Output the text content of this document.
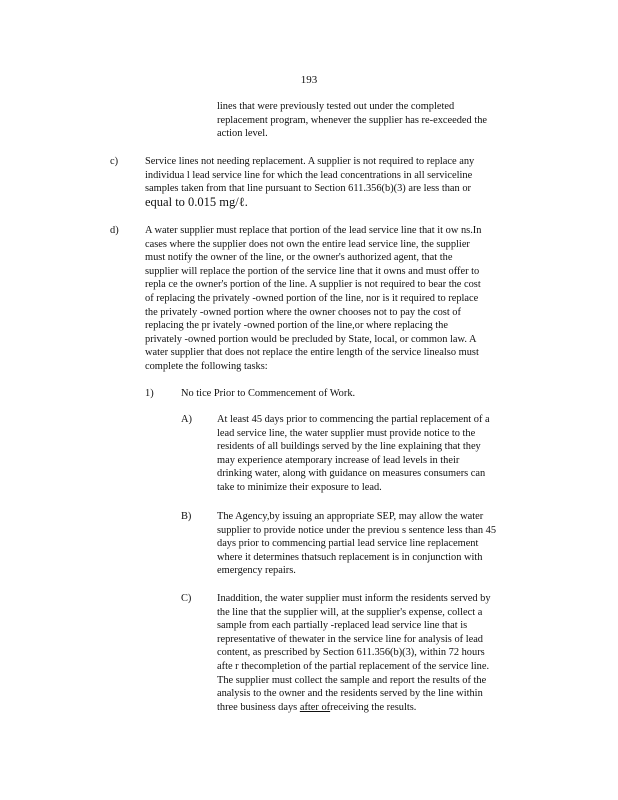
193
lines that were previously tested out under the completed
replacement program, whenever the supplier has re-exceeded the
action level.
c)	Service lines not needing replacement. A supplier is not required to replace any
individua l lead service line for which the lead concentrations in all serviceline
samples taken from that line pursuant to Section 611.356(b)(3) are less than or
equal to 0.015 mg/ℓ.
d)	A water supplier must replace that portion of the lead service line that it ow ns.In
cases where the supplier does not own the entire lead service line, the supplier
must notify the owner of the line, or the owner's authorized agent, that the
supplier will replace the portion of the service line that it owns and must offer to
repla ce the owner's portion of the line. A supplier is not required to bear the cost
of replacing the privately -owned portion of the line, nor is it required to replace
the privately -owned portion where the owner chooses not to pay the cost of
replacing the pr ivately -owned portion of the line,or where replacing the
privately -owned portion would be precluded by State, local, or common law. A
water supplier that does not replace the entire length of the service linealso must
complete the following tasks:
1)	No tice Prior to Commencement of Work.
A) At least 45 days prior to commencing the partial replacement of a
lead service line, the water supplier must provide notice to the
residents of all buildings served by the line explaining that they
may experience atemporary increase of lead levels in their
drinking water, along with guidance on measures consumers can
take to minimize their exposure to lead.
B) The Agency,by issuing an appropriate SEP, may allow the water
supplier to provide notice under the previou s sentence less than 45
days prior to commencing partial lead service line replacement
where it determines thatsuch replacement is in conjunction with
emergency repairs.
C) Inaddition, the water supplier must inform the residents served by
the line that the supplier will, at the supplier's expense, collect a
sample from each partially -replaced lead service line that is
representative of thewater in the service line for analysis of lead
content, as prescribed by Section 611.356(b)(3), within 72 hours
afte r thecompletion of the partial replacement of the service line.
The supplier must collect the sample and report the results of the
analysis to the owner and the residents served by the line within
three business days after ofreceiving the results.
